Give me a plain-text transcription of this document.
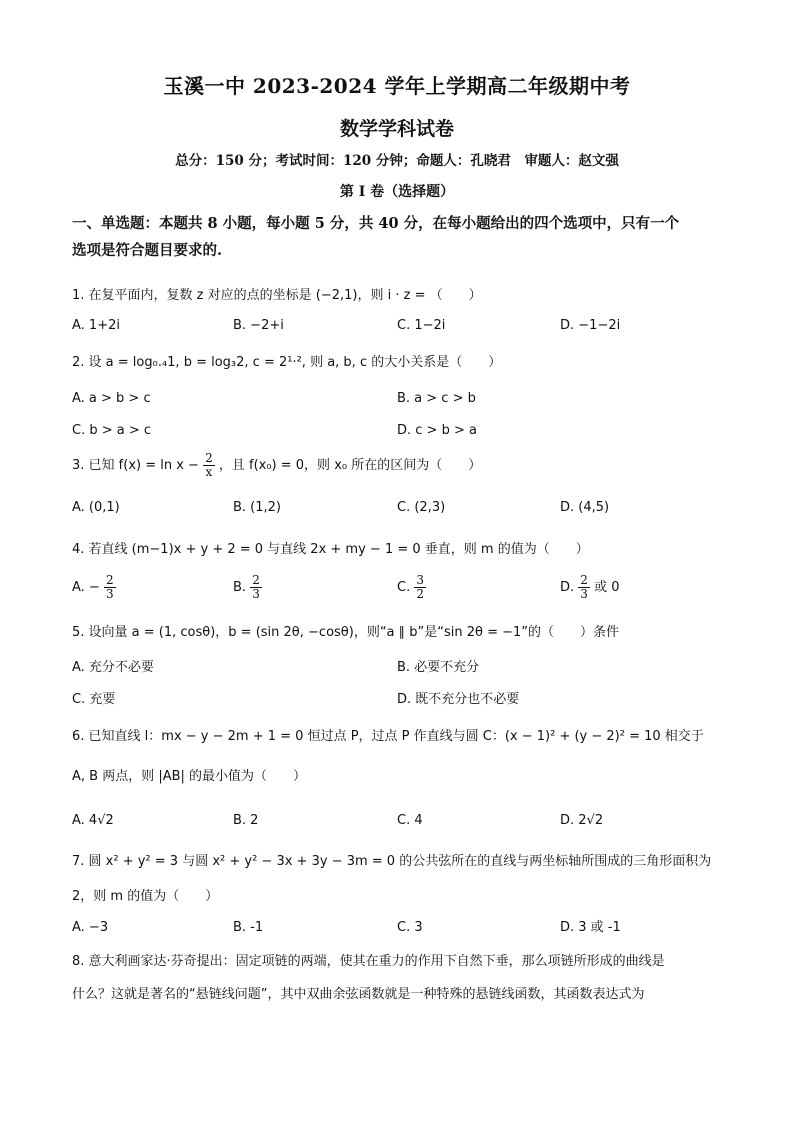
玉溪一中 2023-2024 学年上学期高二年级期中考
数学学科试卷
总分：150 分；考试时间：120 分钟；命题人：孔晓君　审题人：赵文强
第 I 卷（选择题）
一、单选题：本题共 8 小题，每小题 5 分，共 40 分，在每小题给出的四个选项中，只有一个
选项是符合题目要求的.
1. 在复平面内，复数 z 对应的点的坐标是 (−2,1)，则 i · z = （　　）
A. 1+2i	B. −2+i	C. 1−2i	D. −1−2i
2. 设 a = log₀.₄1, b = log₃2, c = 2¹·², 则 a, b, c 的大小关系是（　　）
A. a > b > c	B. a > c > b
C. b > a > c	D. c > b > a
3. 已知 $f(x) = \ln x - \frac{2}{x}$ ，且 f(x₀) = 0，则 x₀ 所在的区间为（　　）
A. (0,1)	B. (1,2)	C. (2,3)	D. (4,5)
4. 若直线 (m−1)x + y + 2 = 0 与直线 2x + my − 1 = 0 垂直，则 m 的值为（　　）
A. − $\frac{2}{3}$	B. $\frac{2}{3}$	C. $\frac{3}{2}$	D. $\frac{2}{3}$ 或 0
5. 设向量 a = (1, cosθ)，b = (sin 2θ, −cosθ)，则“a ∥ b”是“sin 2θ = −1”的（　　）条件
A. 充分不必要	B. 必要不充分
C. 充要	D. 既不充分也不必要
6. 已知直线 l：mx − y − 2m + 1 = 0 恒过点 P，过点 P 作直线与圆 C：(x − 1)² + (y − 2)² = 10 相交于
A, B 两点，则 |AB| 的最小值为（　　）
A. 4√2	B. 2	C. 4	D. 2√2
7. 圆 x² + y² = 3 与圆 x² + y² − 3x + 3y − 3m = 0 的公共弦所在的直线与两坐标轴所围成的三角形面积为
2，则 m 的值为（　　）
A. −3	B. -1	C. 3	D. 3 或 -1
8. 意大利画家达·芬奇提出：固定项链的两端，使其在重力的作用下自然下垂，那么项链所形成的曲线是
什么？这就是著名的“悬链线问题”，其中双曲余弦函数就是一种特殊的悬链线函数，其函数表达式为
